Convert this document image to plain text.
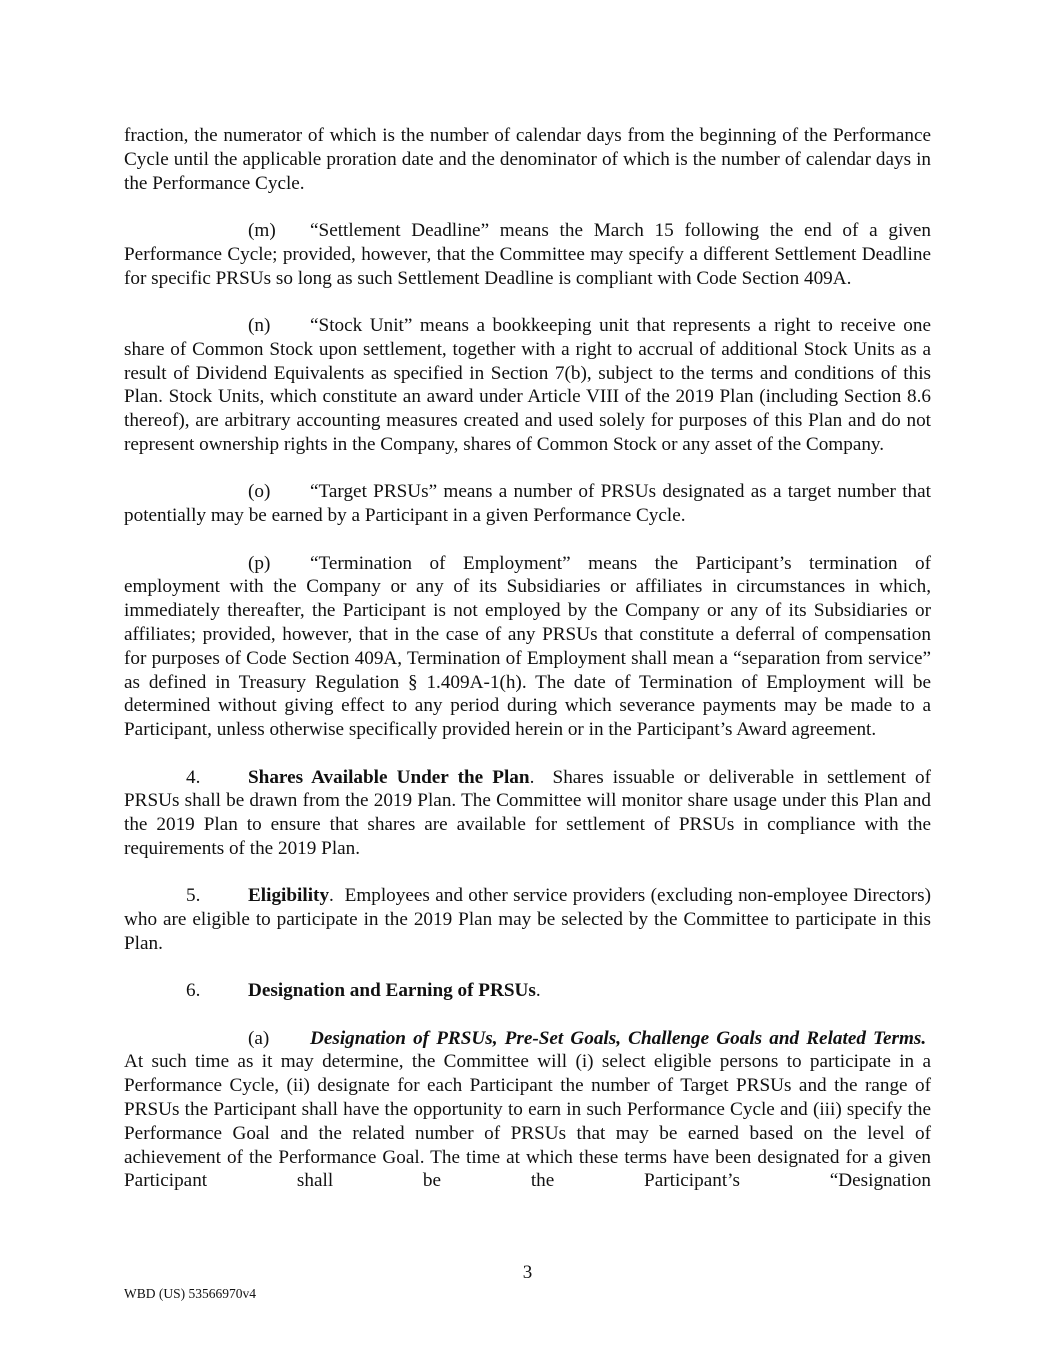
fraction, the numerator of which is the number of calendar days from the beginning of the Performance Cycle until the applicable proration date and the denominator of which is the number of calendar days in the Performance Cycle.

(m) “Settlement Deadline” means the March 15 following the end of a given Performance Cycle; provided, however, that the Committee may specify a different Settlement Deadline for specific PRSUs so long as such Settlement Deadline is compliant with Code Section 409A.

(n) “Stock Unit” means a bookkeeping unit that represents a right to receive one share of Common Stock upon settlement, together with a right to accrual of additional Stock Units as a result of Dividend Equivalents as specified in Section 7(b), subject to the terms and conditions of this Plan. Stock Units, which constitute an award under Article VIII of the 2019 Plan (including Section 8.6 thereof), are arbitrary accounting measures created and used solely for purposes of this Plan and do not represent ownership rights in the Company, shares of Common Stock or any asset of the Company.

(o) “Target PRSUs” means a number of PRSUs designated as a target number that potentially may be earned by a Participant in a given Performance Cycle.

(p) “Termination of Employment” means the Participant’s termination of employment with the Company or any of its Subsidiaries or affiliates in circumstances in which, immediately thereafter, the Participant is not employed by the Company or any of its Subsidiaries or affiliates; provided, however, that in the case of any PRSUs that constitute a deferral of compensation for purposes of Code Section 409A, Termination of Employment shall mean a “separation from service” as defined in Treasury Regulation § 1.409A-1(h). The date of Termination of Employment will be determined without giving effect to any period during which severance payments may be made to a Participant, unless otherwise specifically provided herein or in the Participant’s Award agreement.

4. Shares Available Under the Plan. Shares issuable or deliverable in settlement of PRSUs shall be drawn from the 2019 Plan. The Committee will monitor share usage under this Plan and the 2019 Plan to ensure that shares are available for settlement of PRSUs in compliance with the requirements of the 2019 Plan.

5. Eligibility. Employees and other service providers (excluding non-employee Directors) who are eligible to participate in the 2019 Plan may be selected by the Committee to participate in this Plan.

6. Designation and Earning of PRSUs.

(a) Designation of PRSUs, Pre-Set Goals, Challenge Goals and Related Terms.  At such time as it may determine, the Committee will (i) select eligible persons to participate in a Performance Cycle, (ii) designate for each Participant the number of Target PRSUs and the range of PRSUs the Participant shall have the opportunity to earn in such Performance Cycle and (iii) specify the Performance Goal and the related number of PRSUs that may be earned based on the level of achievement of the Performance Goal. The time at which these terms have been designated for a given Participant shall be the Participant’s “Designation

3
WBD (US) 53566970v4
